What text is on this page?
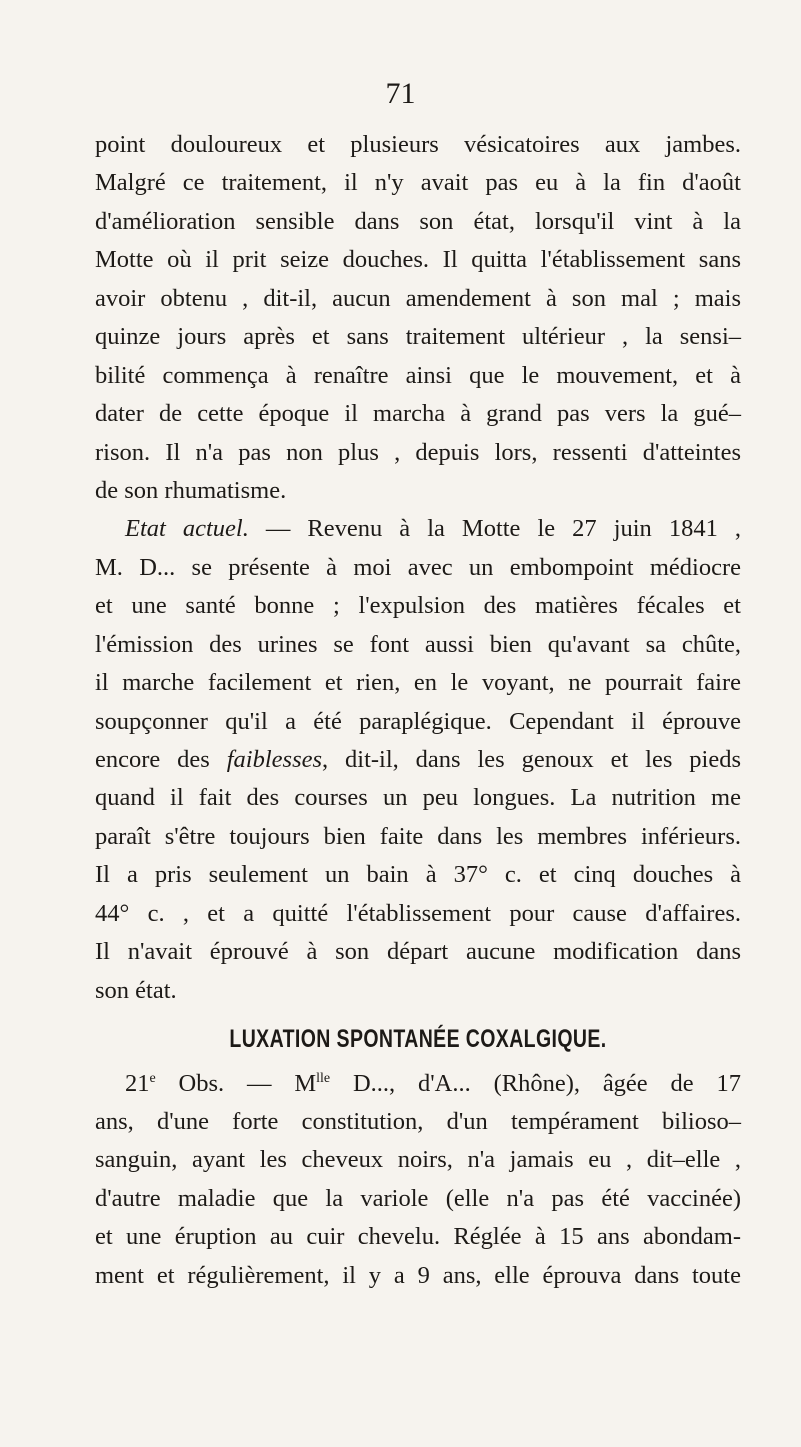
71
point douloureux et plusieurs vésicatoires aux jambes.
Malgré ce traitement, il n'y avait pas eu à la fin d'août
d'amélioration sensible dans son état, lorsqu'il vint à la
Motte où il prit seize douches. Il quitta l'établissement sans
avoir obtenu , dit-il, aucun amendement à son mal ; mais
quinze jours après et sans traitement ultérieur , la sensi–
bilité commença à renaître ainsi que le mouvement, et à
dater de cette époque il marcha à grand pas vers la gué–
rison. Il n'a pas non plus , depuis lors, ressenti d'atteintes
de son rhumatisme.
Etat actuel. — Revenu à la Motte le 27 juin 1841 ,
M. D... se présente à moi avec un embompoint médiocre
et une santé bonne ; l'expulsion des matières fécales et
l'émission des urines se font aussi bien qu'avant sa chûte,
il marche facilement et rien, en le voyant, ne pourrait faire
soupçonner qu'il a été paraplégique. Cependant il éprouve
encore des faiblesses, dit-il, dans les genoux et les pieds
quand il fait des courses un peu longues. La nutrition me
paraît s'être toujours bien faite dans les membres inférieurs.
Il a pris seulement un bain à 37° c. et cinq douches à
44° c. , et a quitté l'établissement pour cause d'affaires.
Il n'avait éprouvé à son départ aucune modification dans
son état.
LUXATION SPONTANÉE COXALGIQUE.
21e Obs. — $M^{lle}$ D..., d'A... (Rhône), âgée de 17
ans, d'une forte constitution, d'un tempérament bilioso–
sanguin, ayant les cheveux noirs, n'a jamais eu , dit–elle ,
d'autre maladie que la variole (elle n'a pas été vaccinée)
et une éruption au cuir chevelu. Réglée à 15 ans abondam-
ment et régulièrement, il y a 9 ans, elle éprouva dans toute
